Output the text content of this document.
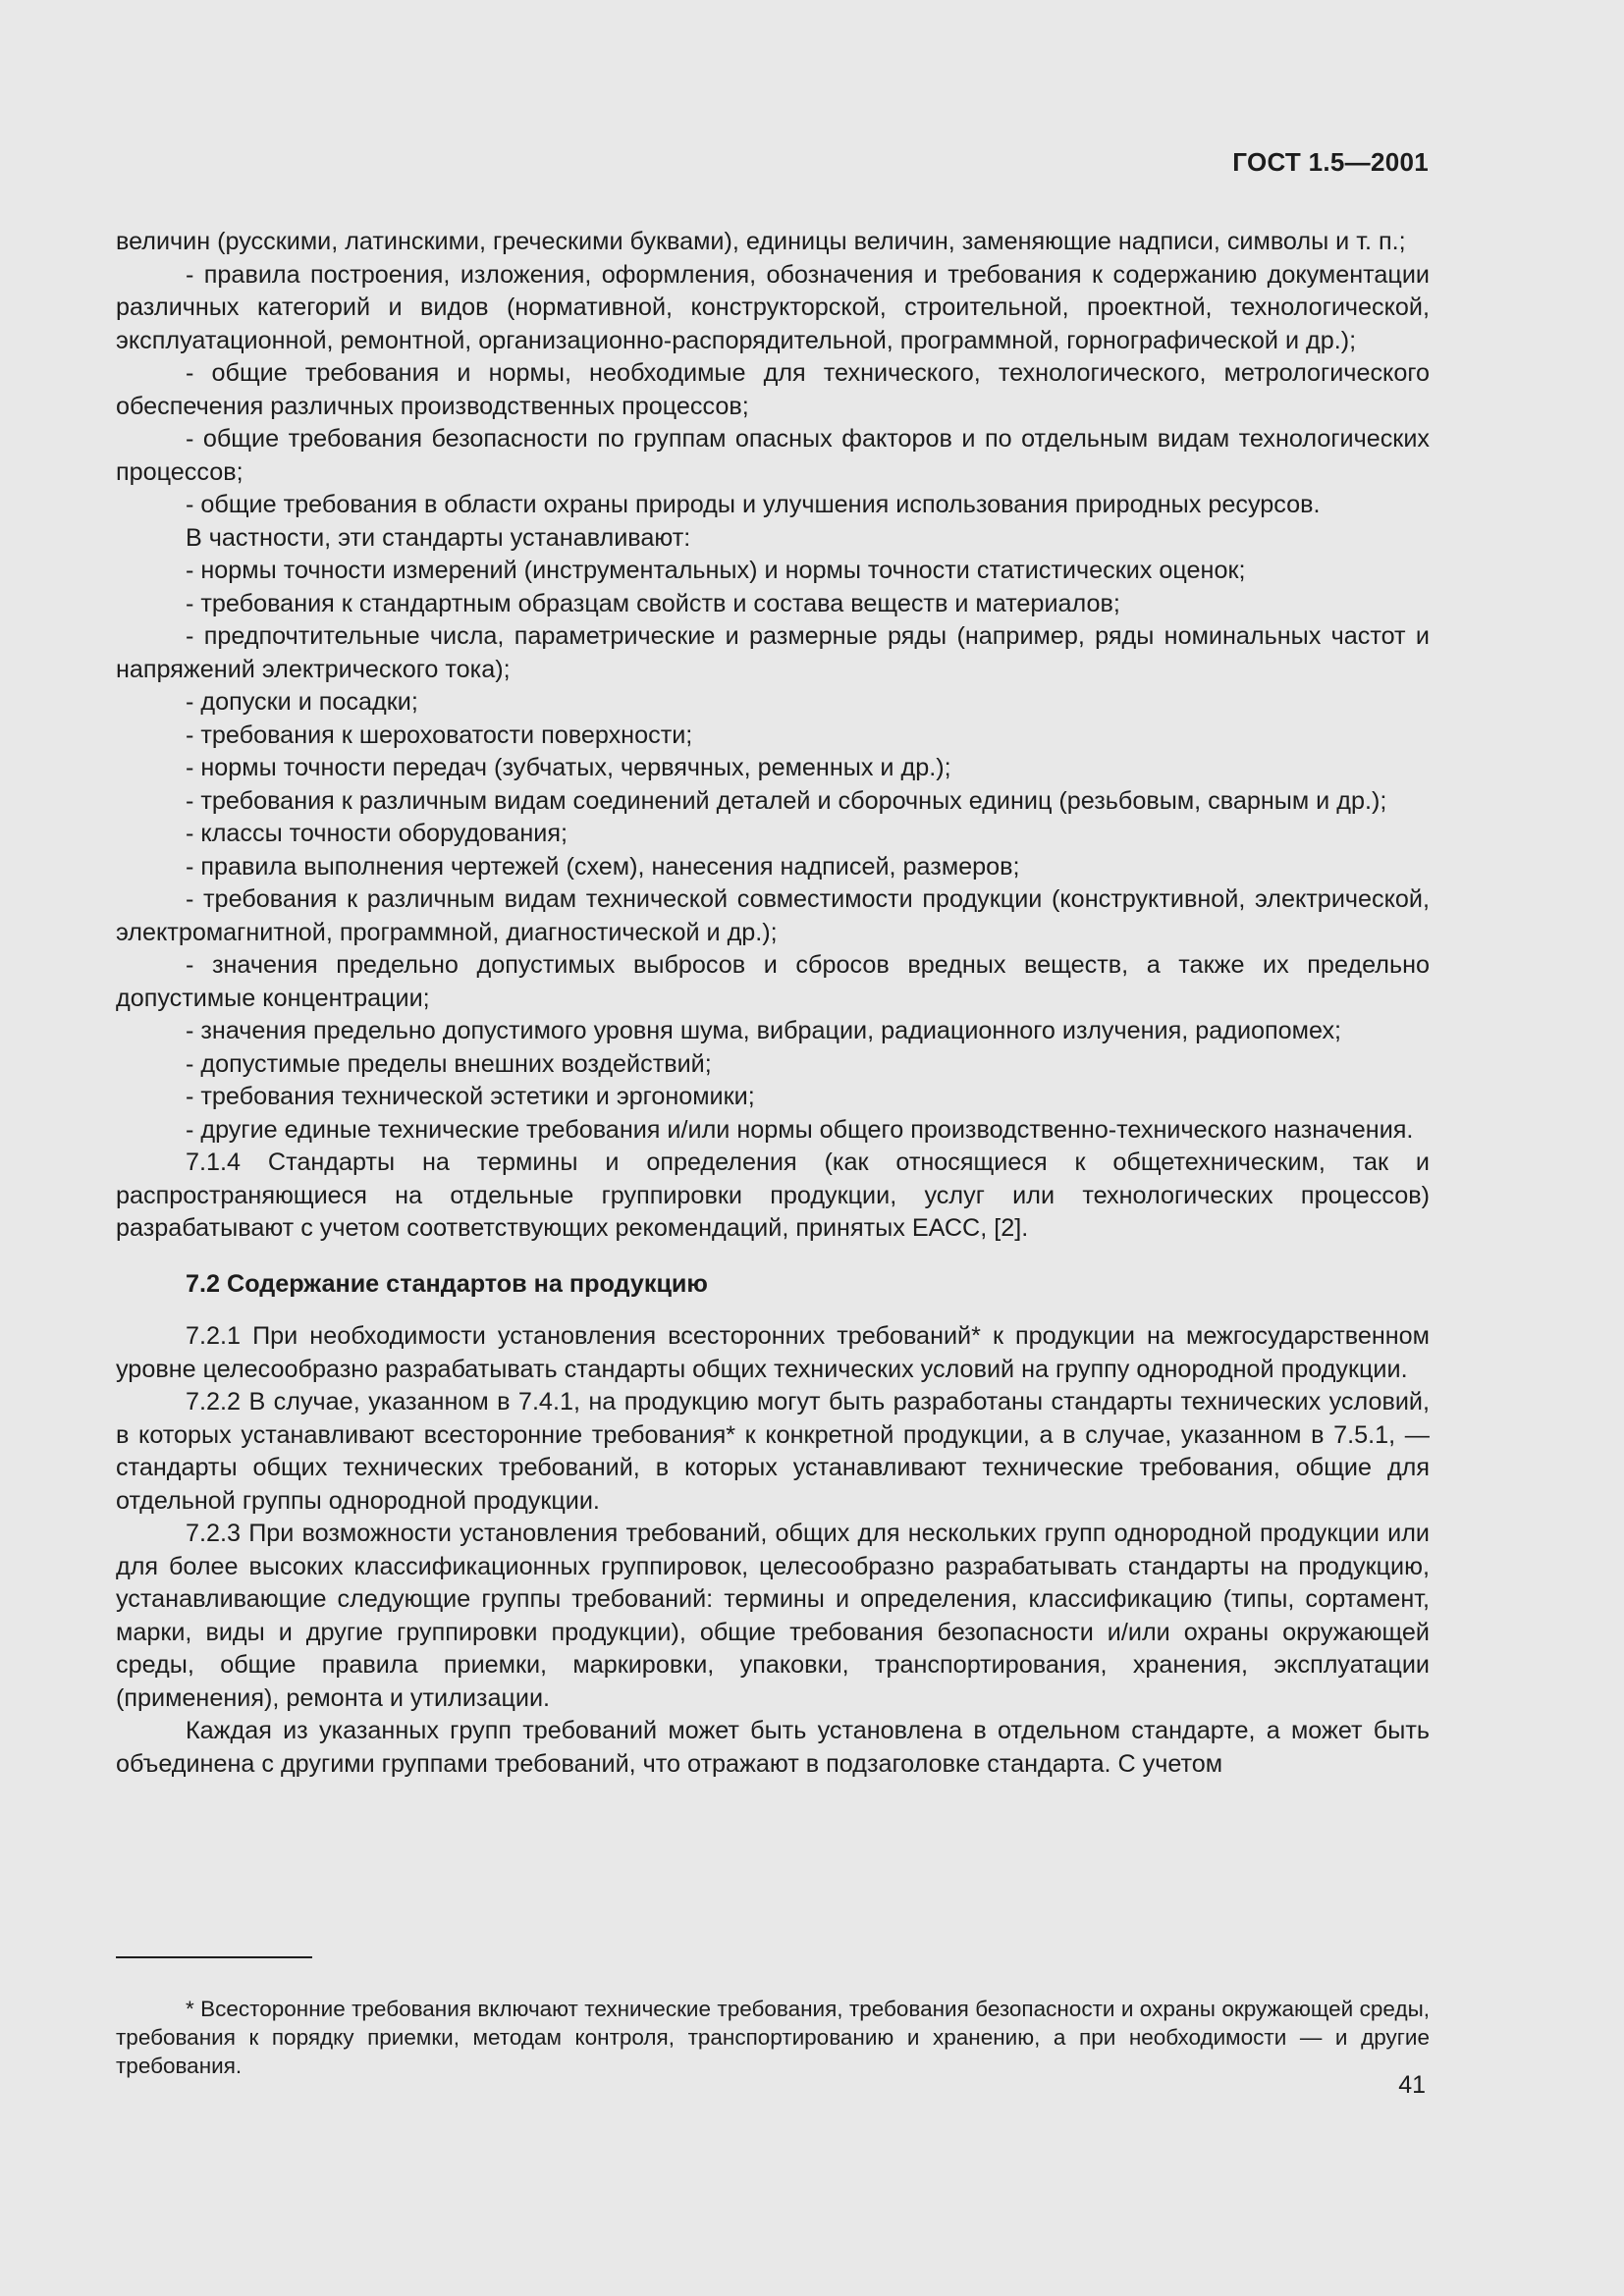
ГОСТ 1.5—2001

величин (русскими, латинскими, греческими буквами), единицы величин, заменяющие надписи, символы и т. п.;

- правила построения, изложения, оформления, обозначения и требования к содержанию документации различных категорий и видов (нормативной, конструкторской, строительной, проектной, технологической, эксплуатационной, ремонтной, организационно-распорядительной, программной, горнографической и др.);

- общие требования и нормы, необходимые для технического, технологического, метрологического обеспечения различных производственных процессов;

- общие требования безопасности по группам опасных факторов и по отдельным видам технологических процессов;

- общие требования в области охраны природы и улучшения использования природных ресурсов.

В частности, эти стандарты устанавливают:

- нормы точности измерений (инструментальных) и нормы точности статистических оценок;

- требования к стандартным образцам свойств и состава веществ и материалов;

- предпочтительные числа, параметрические и размерные ряды (например, ряды номинальных частот и напряжений электрического тока);

- допуски и посадки;

- требования к шероховатости поверхности;

- нормы точности передач (зубчатых, червячных, ременных и др.);

- требования к различным видам соединений деталей и сборочных единиц (резьбовым, сварным и др.);

- классы точности оборудования;

- правила выполнения чертежей (схем), нанесения надписей, размеров;

- требования к различным видам технической совместимости продукции (конструктивной, электрической, электромагнитной, программной, диагностической и др.);

- значения предельно допустимых выбросов и сбросов вредных веществ, а также их предельно допустимые концентрации;

- значения предельно допустимого уровня шума, вибрации, радиационного излучения, радиопомех;

- допустимые пределы внешних воздействий;

- требования технической эстетики и эргономики;

- другие единые технические требования и/или нормы общего производственно-технического назначения.

7.1.4 Стандарты на термины и определения (как относящиеся к общетехническим, так и распространяющиеся на отдельные группировки продукции, услуг или технологических процессов) разрабатывают с учетом соответствующих рекомендаций, принятых ЕАСС, [2].

7.2 Содержание стандартов на продукцию

7.2.1 При необходимости установления всесторонних требований* к продукции на межгосударственном уровне целесообразно разрабатывать стандарты общих технических условий на группу однородной продукции.

7.2.2 В случае, указанном в 7.4.1, на продукцию могут быть разработаны стандарты технических условий, в которых устанавливают всесторонние требования* к конкретной продукции, а в случае, указанном в 7.5.1, — стандарты общих технических требований, в которых устанавливают технические требования, общие для отдельной группы однородной продукции.

7.2.3 При возможности установления требований, общих для нескольких групп однородной продукции или для более высоких классификационных группировок, целесообразно разрабатывать стандарты на продукцию, устанавливающие следующие группы требований: термины и определения, классификацию (типы, сортамент, марки, виды и другие группировки продукции), общие требования безопасности и/или охраны окружающей среды, общие правила приемки, маркировки, упаковки, транспортирования, хранения, эксплуатации (применения), ремонта и утилизации.

Каждая из указанных групп требований может быть установлена в отдельном стандарте, а может быть объединена с другими группами требований, что отражают в подзаголовке стандарта. С учетом

* Всесторонние требования включают технические требования, требования безопасности и охраны окружающей среды, требования к порядку приемки, методам контроля, транспортированию и хранению, а при необходимости — и другие требования.

41
